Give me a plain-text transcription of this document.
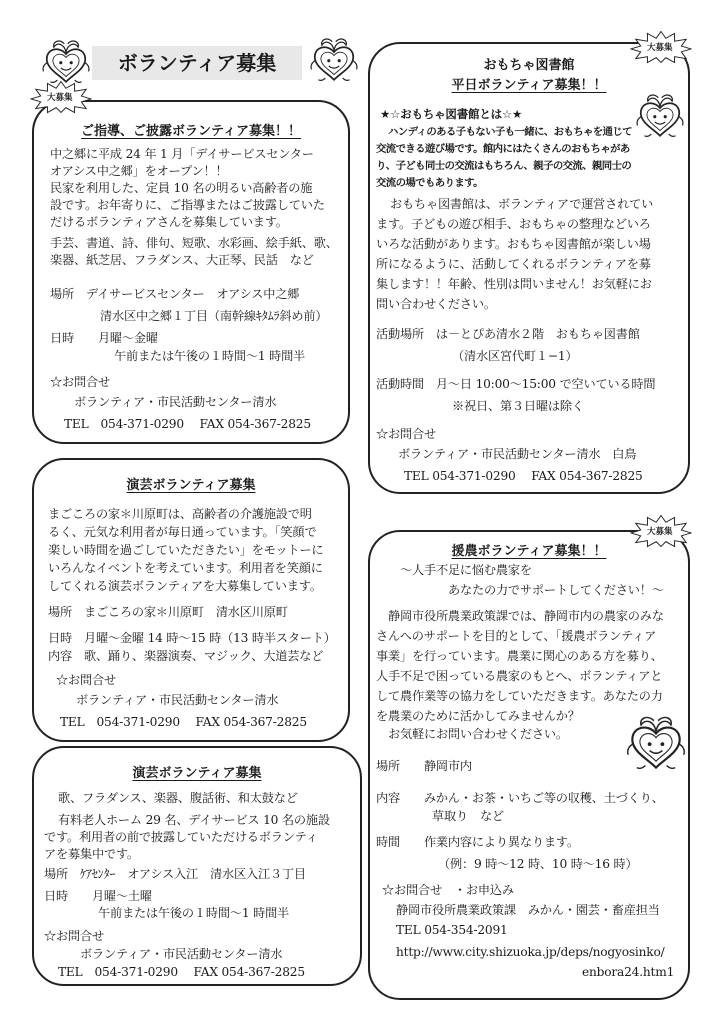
ボランティア募集
ご指導、ご披露ボランティア募集！！
中之郷に平成 24 年 1 月「デイサービスセンター
オアシス中之郷」をオープン！！
民家を利用した、定員 10 名の明るい高齢者の施
設です。お年寄りに、ご指導またはご披露していた
だけるボランティアさんを募集しています。
手芸、書道、詩、俳句、短歌、水彩画、絵手紙、歌、
楽器、紙芝居、フラダンス、大正琴、民話　など
場所　デイサービスセンター　オアシス中之郷
清水区中之郷１丁目（南幹線ｷﾀﾑﾗ斜め前）
日時　　月曜～金曜
午前または午後の１時間～1 時間半
☆お問合せ
ボランティア・市民活動センター清水
TEL　054-371-0290　 FAX 054-367-2825
大募集
演芸ボランティア募集
まごころの家＊川原町は、高齢者の介護施設で明
るく、元気な利用者が毎日通っています。「笑顔で
楽しい時間を過ごしていただきたい」をモットーに
いろんなイベントを考えています。利用者を笑顔に
してくれる演芸ボランティアを大募集しています。
場所　まごころの家＊川原町　清水区川原町
日時　月曜～金曜 14 時～15 時（13 時半スタート）
内容　歌、踊り、楽器演奏、マジック、大道芸など
☆お問合せ
ボランティア・市民活動センター清水
TEL　054-371-0290　 FAX 054-367-2825
演芸ボランティア募集
歌、フラダンス、楽器、腹話術、和太鼓など
有料老人ホーム 29 名、デイサービス 10 名の施設
です。利用者の前で披露していただけるボランティ
アを募集中です。
場所　ｹｱｾﾝﾀｰ　オアシス入江　清水区入江３丁目
日時　　月曜～土曜
午前または午後の１時間～1 時間半
☆お問合せ
ボランティア・市民活動センター清水
TEL　054-371-0290　 FAX 054-367-2825
おもちゃ図書館
平日ボランティア募集！！
★☆おもちゃ図書館とは☆★
ハンディのある子もない子も一緒に、おもちゃを通じて
交流できる遊び場です。館内にはたくさんのおもちゃがあ
り、子ども同士の交流はもちろん、親子の交流、親同士の
交流の場でもあります。
おもちゃ図書館は、ボランティアで運営されてい
ます。子どもの遊び相手、おもちゃの整理などいろ
いろな活動があります。おもちゃ図書館が楽しい場
所になるように、活動してくれるボランティアを募
集します！！年齢、性別は問いません！お気軽にお
問い合わせください。
活動場所　は－とぴあ清水２階　おもちゃ図書館
（清水区宮代町１−1）
活動時間　月～日 10:00～15:00 で空いている時間
※祝日、第３日曜は除く
☆お問合せ
ボランティア・市民活動センター清水　白鳥
TEL 054-371-0290　 FAX 054-367-2825
大募集
援農ボランティア募集！！
～人手不足に悩む農家を
あなたの力でサポートしてください！～
静岡市役所農業政策課では、静岡市内の農家のみな
さんへのサポートを目的として、「援農ボランティア
事業」を行っています。農業に関心のある方を募り、
人手不足で困っている農家のもとへ、ボランティアと
して農作業等の協力をしていただきます。あなたの力
を農業のために活かしてみませんか？
お気軽にお問い合わせください。
場所　　静岡市内
内容　　みかん・お茶・いちご等の収穫、土づくり、
草取り　など
時間　　作業内容により異なります。
（例：9 時～12 時、10 時～16 時）
☆お問合せ　・お申込み
静岡市役所農業政策課　みかん・園芸・畜産担当
TEL 054-354-2091
http://www.city.shizuoka.jp/deps/nogyosinko/
enbora24.htm1
大募集
